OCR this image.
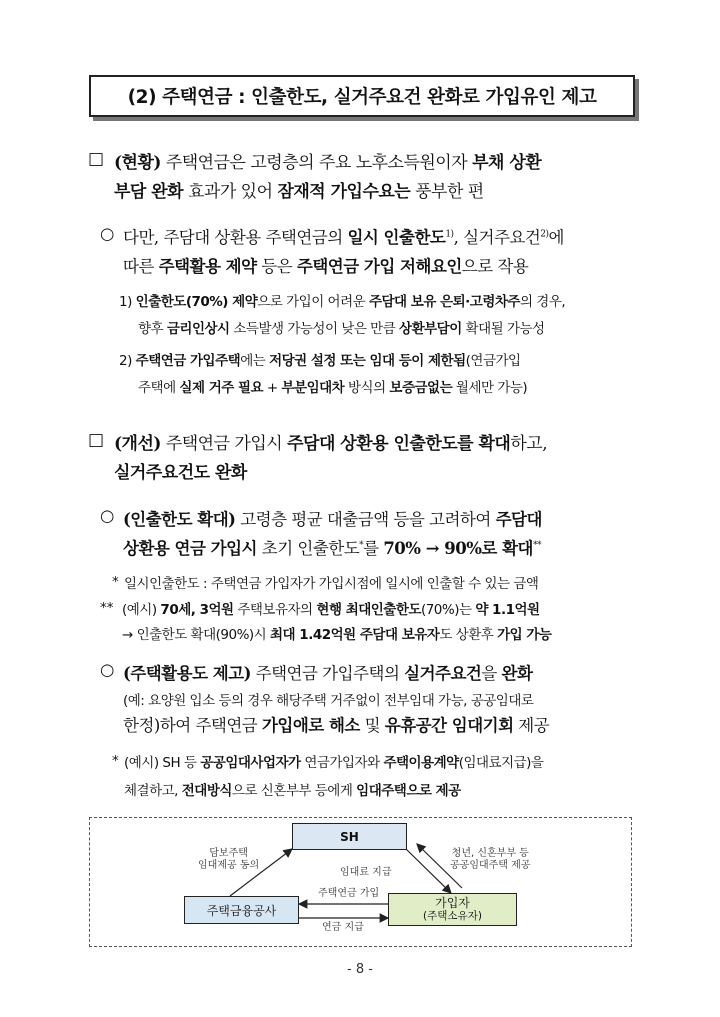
(2) 주택연금 : 인출한도, 실거주요건 완화로 가입유인 제고
□ (현황) 주택연금은 고령층의 주요 노후소득원이자 부채 상환
부담 완화 효과가 있어 잠재적 가입수요는 풍부한 편
○ 다만, 주담대 상환용 주택연금의 일시 인출한도$^{1)}$, 실거주요건$^{2)}$에
따른 주택활용 제약 등은 주택연금 가입 저해요인으로 작용
1) 인출한도(70%) 제약으로 가입이 어려운 주담대 보유 은퇴·고령차주의 경우,
향후 금리인상시 소득발생 가능성이 낮은 만큼 상환부담이 확대될 가능성
2) 주택연금 가입주택에는 저당권 설정 또는 임대 등이 제한됨(연금가입
주택에 실제 거주 필요 + 부분임대차 방식의 보증금없는 월세만 가능)
□ (개선) 주택연금 가입시 주담대 상환용 인출한도를 확대하고,
실거주요건도 완화
○ (인출한도 확대) 고령층 평균 대출금액 등을 고려하여 주담대
상환용 연금 가입시 초기 인출한도*를 70% → 90%로 확대**
* 일시인출한도 : 주택연금 가입자가 가입시점에 일시에 인출할 수 있는 금액
** (예시) 70세, 3억원 주택보유자의 현행 최대인출한도(70%)는 약 1.1억원
→ 인출한도 확대(90%)시 최대 1.42억원 주담대 보유자도 상환후 가입 가능
○ (주택활용도 제고) 주택연금 가입주택의 실거주요건을 완화
(예: 요양원 입소 등의 경우 해당주택 거주없이 전부임대 가능, 공공임대로
한정)하여 주택연금 가입애로 해소 및 유휴공간 임대기회 제공
* (예시) SH 등 공공임대사업자가 연금가입자와 주택이용계약(임대료지급)을
체결하고, 전대방식으로 신혼부부 등에게 임대주택으로 제공
SH
주택금융공사
가입자
(주택소유자)
담보주택
임대제공 동의
임대료 지급
청년, 신혼부부 등
공공임대주택 제공
주택연금 가입
연금 지급
- 8 -
